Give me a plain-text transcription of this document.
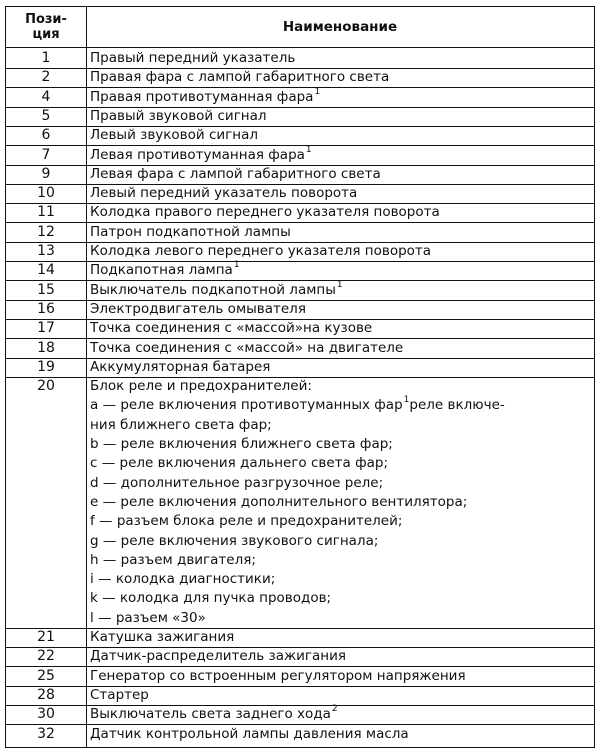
Пози-
ция	Наименование
1	Правый передний указатель
2	Правая фара с лампой габаритного света
4	Правая противотуманная фара$^1$
5	Правый звуковой сигнал
6	Левый звуковой сигнал
7	Левая противотуманная фара$^1$
9	Левая фара с лампой габаритного света
10	Левый передний указатель поворота
11	Колодка правого переднего указателя поворота
12	Патрон подкапотной лампы
13	Колодка левого переднего указателя поворота
14	Подкапотная лампа$^1$
15	Выключатель подкапотной лампы$^1$
16	Электродвигатель омывателя
17	Точка соединения с «массой»на кузове
18	Точка соединения с «массой» на двигателе
19	Аккумуляторная батарея
20	Блок реле и предохранителей:
a — реле включения противотуманных фар$^1$реле включе-
ния ближнего света фар;
b — реле включения ближнего света фар;
c — реле включения дальнего света фар;
d — дополнительное разгрузочное реле;
e — реле включения дополнительного вентилятора;
f — разъем блока реле и предохранителей;
g — реле включения звукового сигнала;
h — разъем двигателя;
i — колодка диагностики;
k — колодка для пучка проводов;
l — разъем «30»
21	Катушка зажигания
22	Датчик-распределитель зажигания
25	Генератор со встроенным регулятором напряжения
28	Стартер
30	Выключатель света заднего хода$^2$
32	Датчик контрольной лампы давления масла
